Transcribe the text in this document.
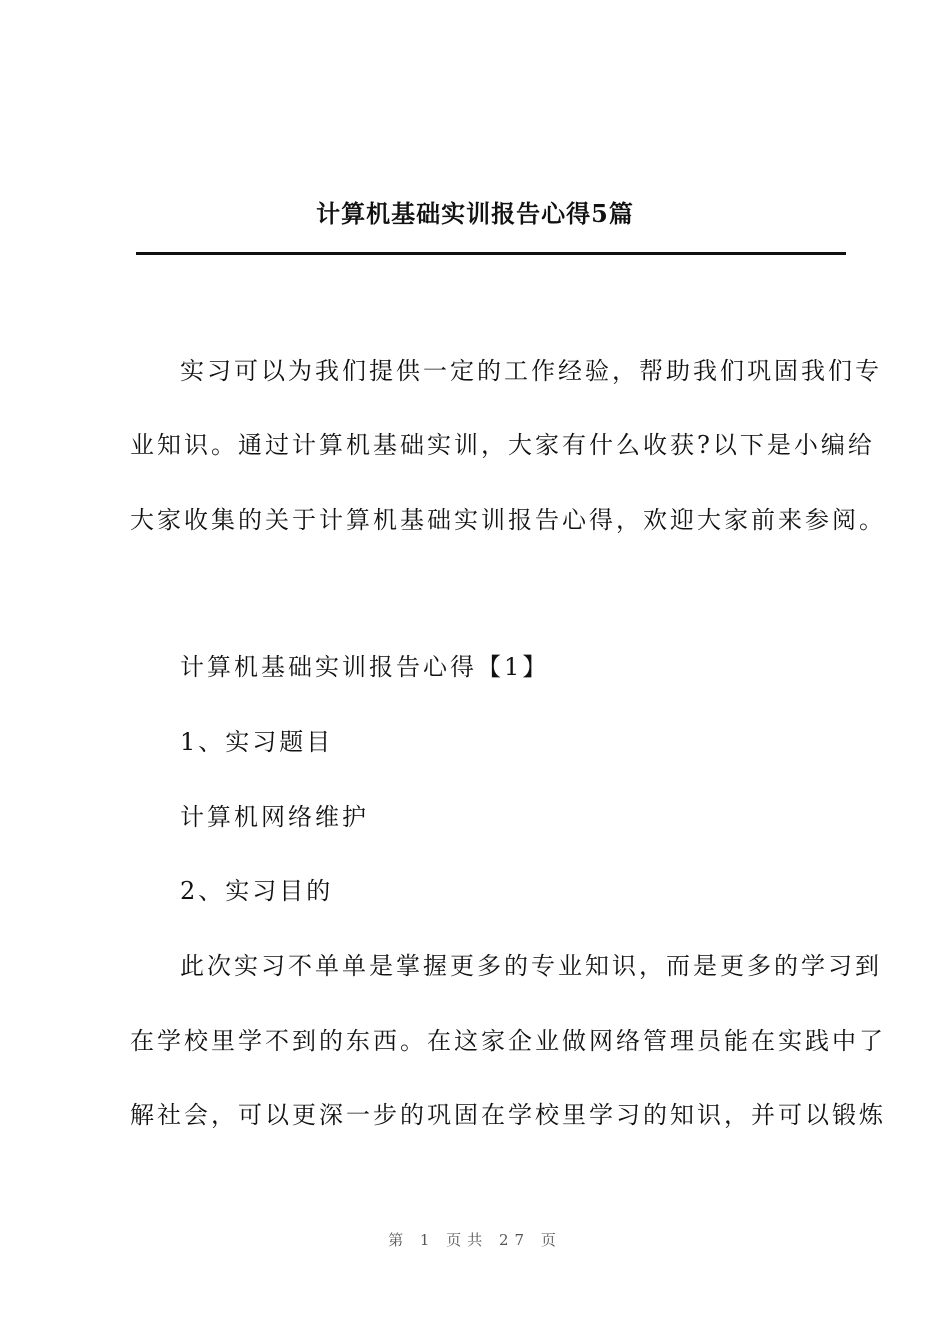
计算机基础实训报告心得5篇
实习可以为我们提供一定的工作经验，帮助我们巩固我们专
业知识。通过计算机基础实训，大家有什么收获?以下是小编给
大家收集的关于计算机基础实训报告心得，欢迎大家前来参阅。
计算机基础实训报告心得【1】
1、实习题目
计算机网络维护
2、实习目的
此次实习不单单是掌握更多的专业知识，而是更多的学习到
在学校里学不到的东西。在这家企业做网络管理员能在实践中了
解社会，可以更深一步的巩固在学校里学习的知识，并可以锻炼
第 1 页共 27 页
